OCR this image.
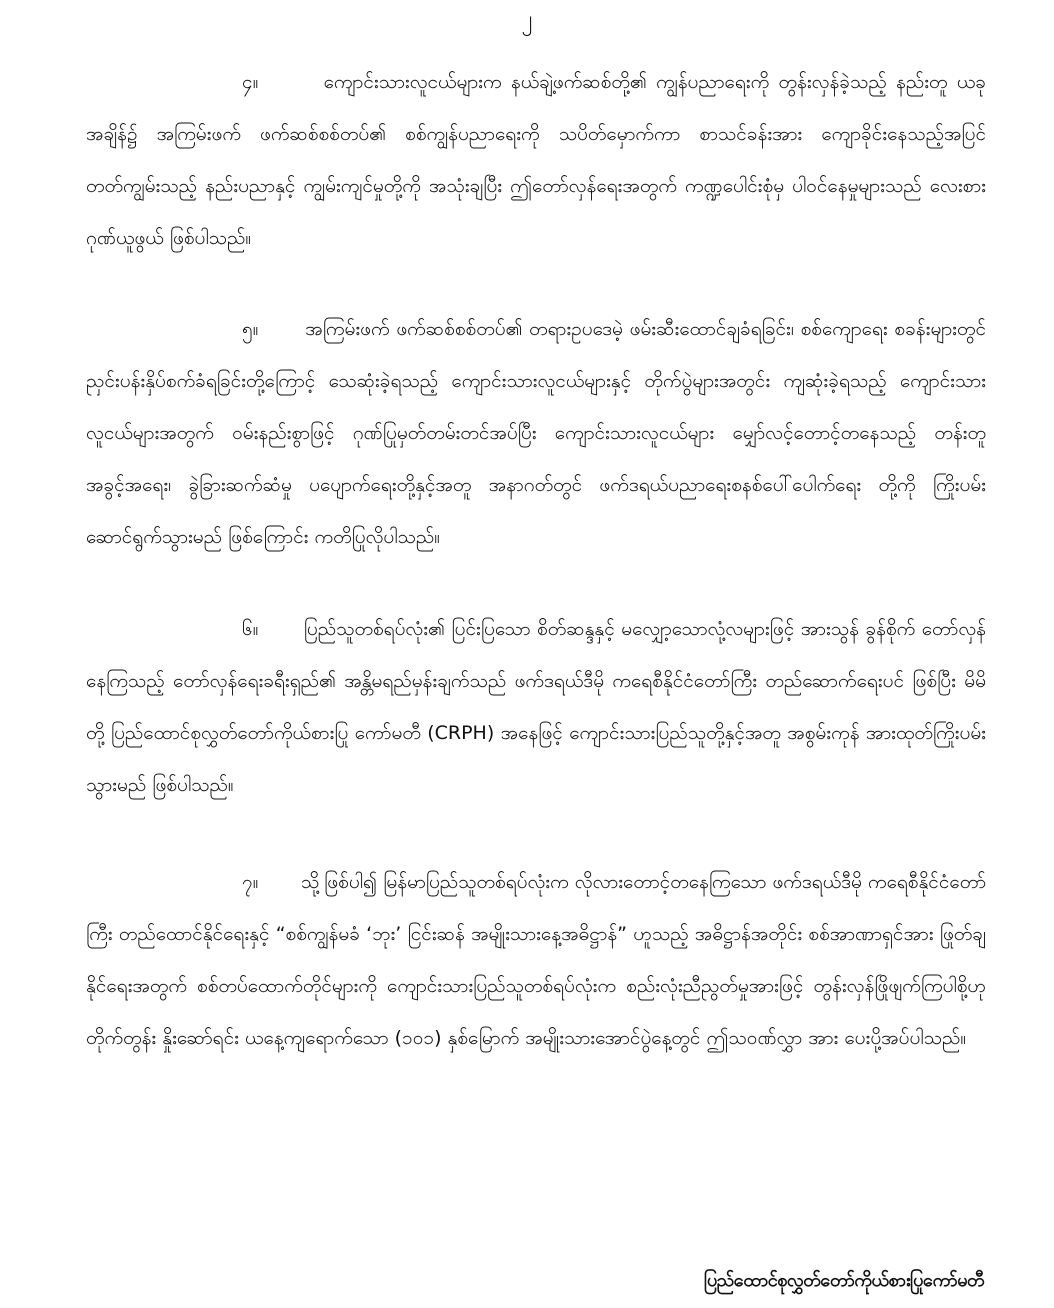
၂

၄။	ကျောင်းသားလူငယ်များက နယ်ချဲ့ဖက်ဆစ်တို့၏ ကျွန်ပညာရေးကို တွန်းလှန်ခဲ့သည့် နည်းတူ ယခုအချိန်၌ အကြမ်းဖက် ဖက်ဆစ်စစ်တပ်၏ စစ်ကျွန်ပညာရေးကို သပိတ်မှောက်ကာ စာသင်ခန်းအား ကျောခိုင်းနေသည့်အပြင် တတ်ကျွမ်းသည့် နည်းပညာနှင့် ကျွမ်းကျင်မှုတို့ကို အသုံးချပြီး ဤတော်လှန်ရေးအတွက် ကဏ္ဍပေါင်းစုံမှ ပါဝင်နေမှုများသည် လေးစားဂုဏ်ယူဖွယ် ဖြစ်ပါသည်။

၅။ အကြမ်းဖက် ဖက်ဆစ်စစ်တပ်၏ တရားဥပဒေမဲ့ ဖမ်းဆီးထောင်ချခံရခြင်း၊ စစ်ကျောရေး စခန်းများတွင် ညှင်းပန်းနှိပ်စက်ခံရခြင်းတို့ကြောင့် သေဆုံးခဲ့ရသည့် ကျောင်းသားလူငယ်များနှင့် တိုက်ပွဲများအတွင်း ကျဆုံးခဲ့ရသည့် ကျောင်းသားလူငယ်များအတွက် ဝမ်းနည်းစွာဖြင့် ဂုဏ်ပြုမှတ်တမ်းတင်အပ်ပြီး ကျောင်းသားလူငယ်များ မျှော်လင့်တောင့်တနေသည့် တန်းတူအခွင့်အရေး၊ ခွဲခြားဆက်ဆံမှု ပပျောက်ရေးတို့နှင့်အတူ အနာဂတ်တွင် ဖက်ဒရယ်ပညာရေးစနစ်ပေါ်ပေါက်ရေး တို့ကို ကြိုးပမ်းဆောင်ရွက်သွားမည် ဖြစ်ကြောင်း ကတိပြုလိုပါသည်။

၆။ ပြည်သူတစ်ရပ်လုံး၏ ပြင်းပြသော စိတ်ဆန္ဒနှင့် မလျှော့သောလုံ့လများဖြင့် အားသွန် ခွန်စိုက် တော်လှန်နေကြသည့် တော်လှန်ရေးခရီးရှည်၏ အန္တိမရည်မှန်းချက်သည် ဖက်ဒရယ်ဒီမို ကရေစီနိုင်ငံတော်ကြီး တည်ဆောက်ရေးပင် ဖြစ်ပြီး မိမိတို့ ပြည်ထောင်စုလွှတ်တော်ကိုယ်စားပြု ကော်မတီ (CRPH) အနေဖြင့် ကျောင်းသားပြည်သူတို့နှင့်အတူ အစွမ်းကုန် အားထုတ်ကြိုးပမ်း သွားမည် ဖြစ်ပါသည်။

၇။ သို့ဖြစ်ပါ၍ မြန်မာပြည်သူတစ်ရပ်လုံးက လိုလားတောင့်တနေကြသော ဖက်ဒရယ်ဒီမို ကရေစီနိုင်ငံတော်ကြီး တည်ထောင်နိုင်ရေးနှင့် “စစ်ကျွန်မခံ ‘ဘုး’ ငြင်းဆန် အမျိုးသားနေ့အဓိဋ္ဌာန်” ဟူသည့် အဓိဋ္ဌာန်အတိုင်း စစ်အာဏာရှင်အား ဖြုတ်ချနိုင်ရေးအတွက် စစ်တပ်ထောက်တိုင်များကို ကျောင်းသားပြည်သူတစ်ရပ်လုံးက စည်းလုံးညီညွတ်မှုအားဖြင့် တွန်းလှန်ဖြိုဖျက်ကြပါစို့ဟု တိုက်တွန်း နှိုးဆော်ရင်း ယနေ့ကျရောက်သော (၁၀၁) နှစ်မြောက် အမျိုးသားအောင်ပွဲနေ့တွင် ဤသဝဏ်လွှာ အား ပေးပို့အပ်ပါသည်။

ပြည်ထောင်စုလွှတ်တော်ကိုယ်စားပြုကော်မတီ
